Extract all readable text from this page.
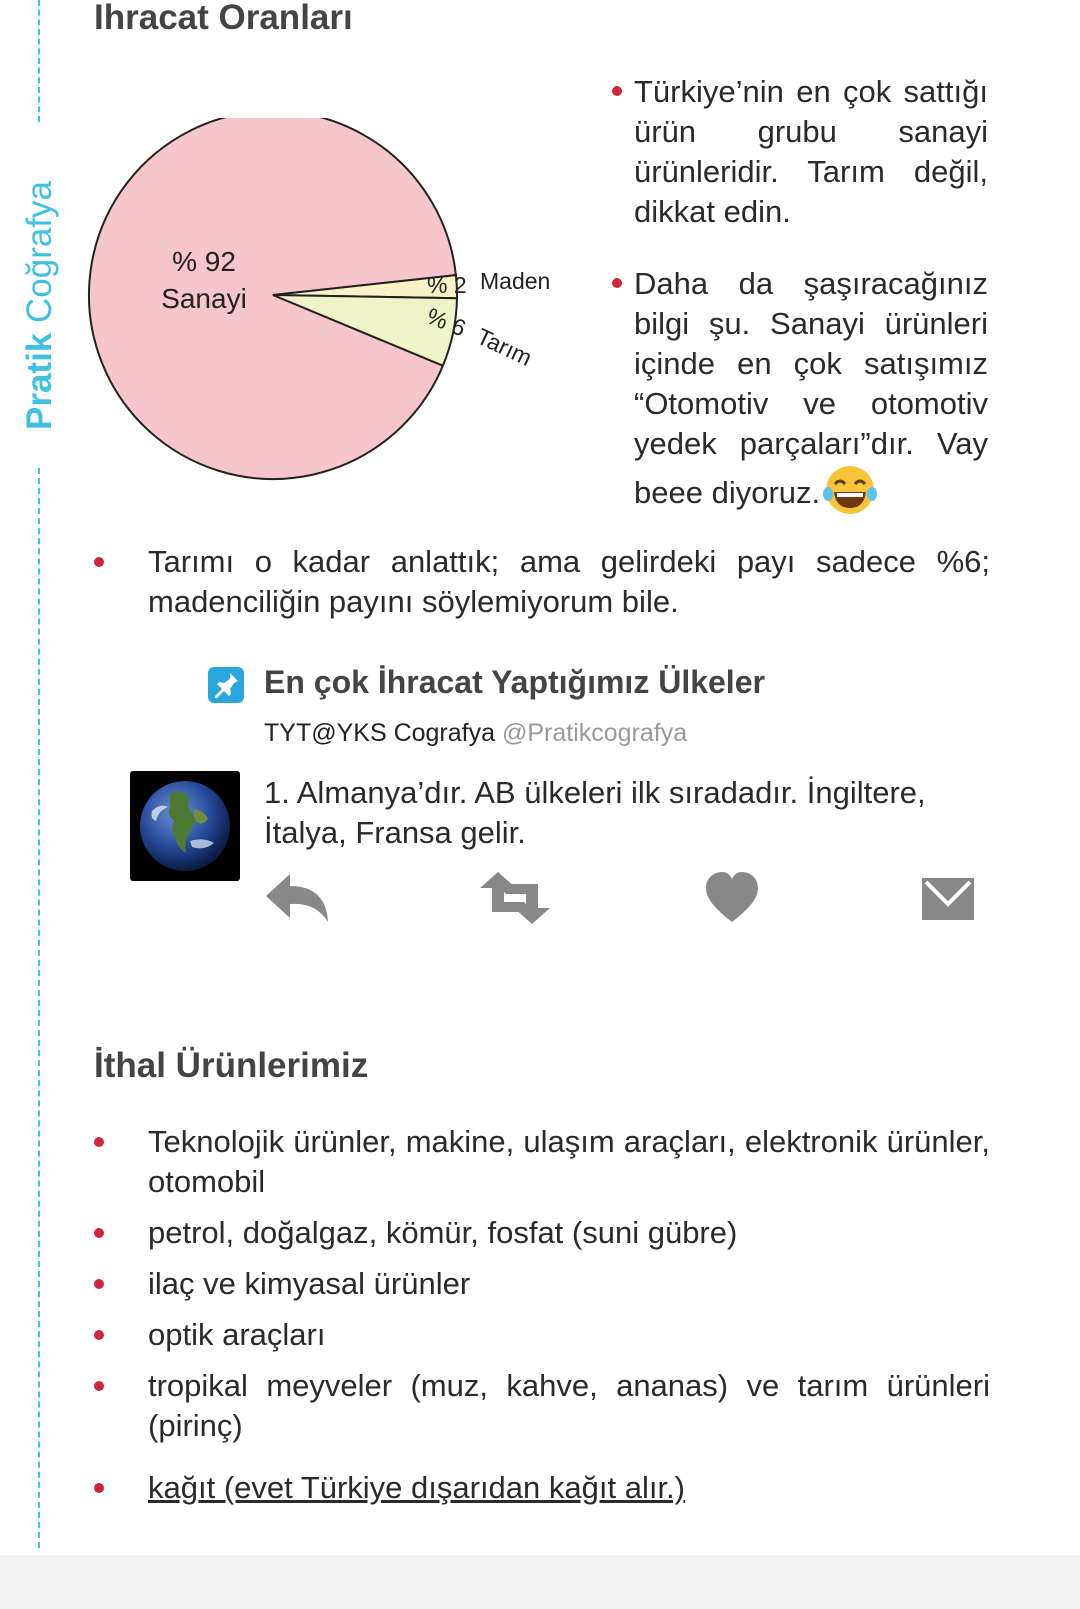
Pratik Coğrafya
Ihracat Oranları
% 92
Sanayi	% 2 Maden
% 6
Tarım
Türkiye’nin en çok sattığı ürün grubu sanayi ürünleridir. Tarım değil, dikkat edin.
Daha da şaşıracağınız bilgi şu. Sanayi ürünleri içinde en çok satışımız “Otomotiv ve otomotiv yedek parçaları”dır. Vay beee diyoruz.
Tarımı o kadar anlattık; ama gelirdeki payı sadece %6; madenciliğin payını söylemiyorum bile.
En çok İhracat Yaptığımız Ülkeler
TYT@YKS Cografya @Pratikcografya

1. Almanya’dır. AB ülkeleri ilk sıradadır. İngiltere, İtalya, Fransa gelir.

İthal Ürünlerimiz
Teknolojik ürünler, makine, ulaşım araçları, elektronik ürünler, otomobil
petrol, doğalgaz, kömür, fosfat (suni gübre)
ilaç ve kimyasal ürünler
optik araçları
tropikal meyveler (muz, kahve, ananas) ve tarım ürünleri (pirinç)
kağıt (evet Türkiye dışarıdan kağıt alır.)
